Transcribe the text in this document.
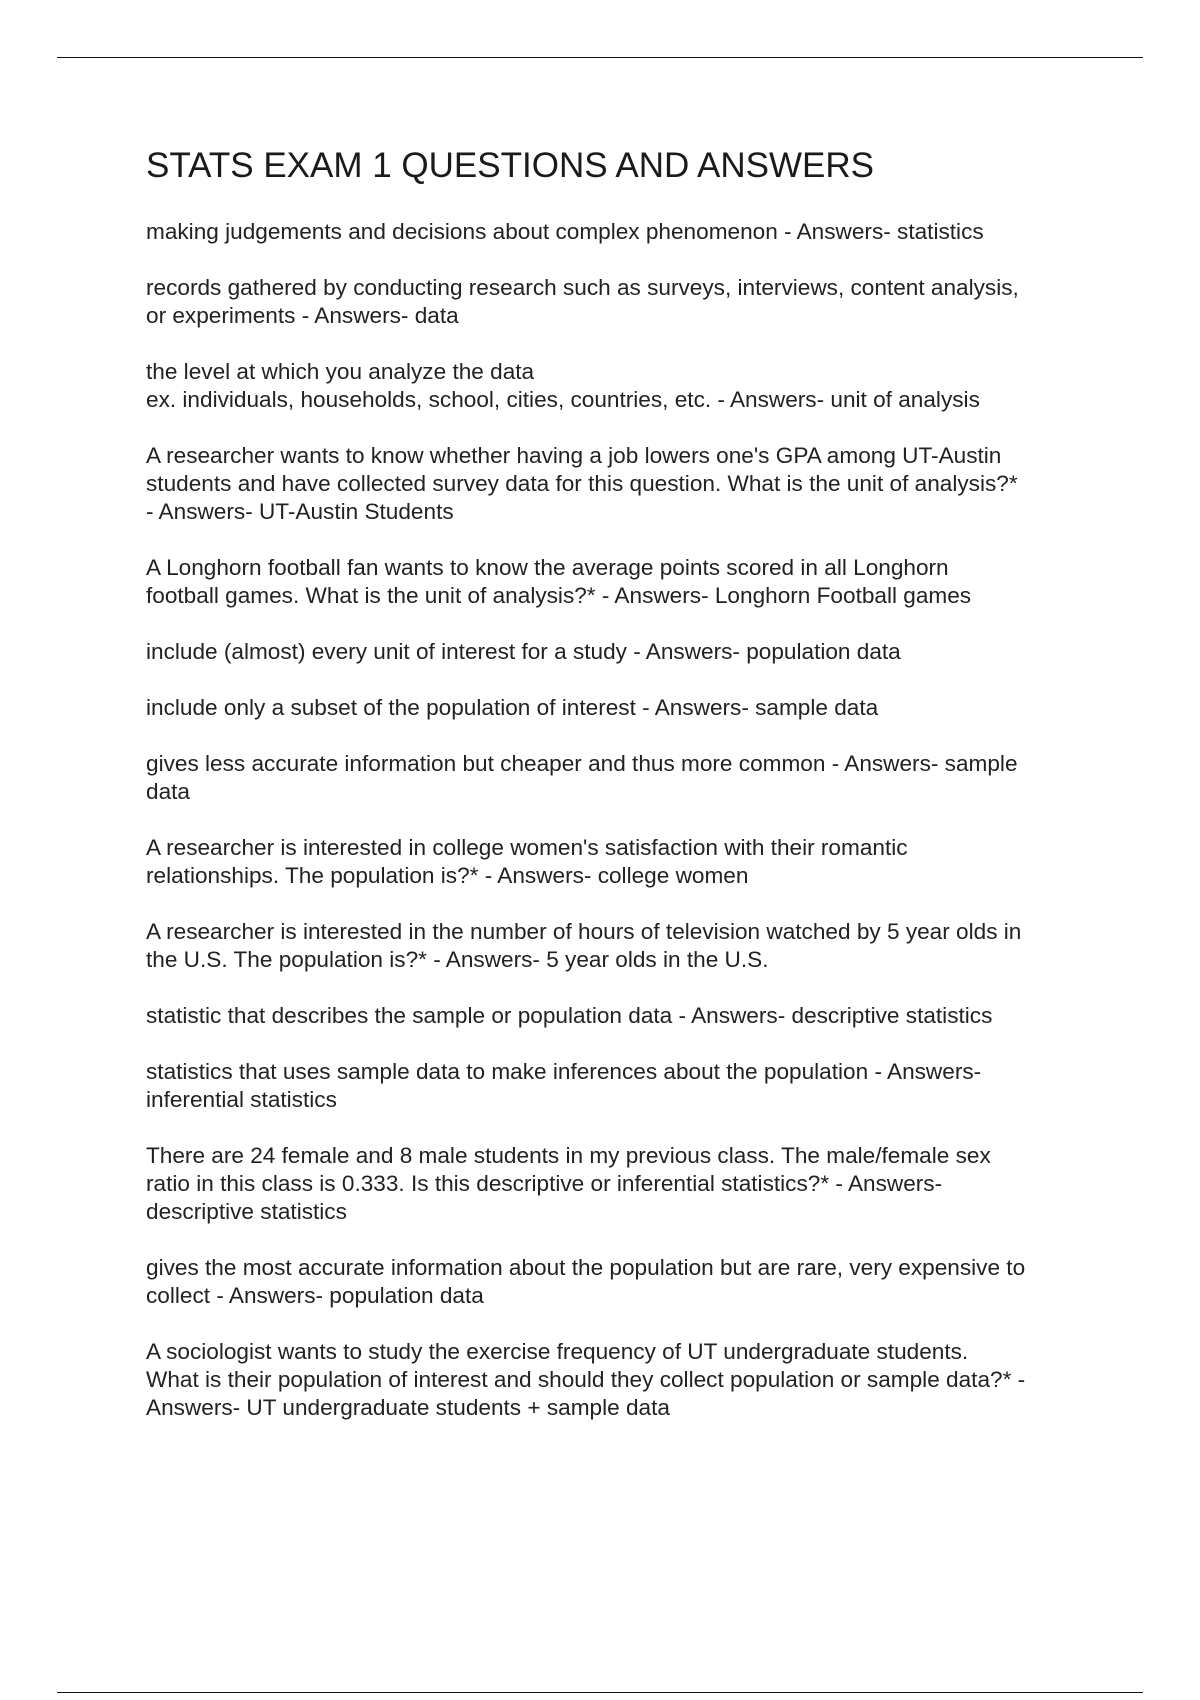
STATS EXAM 1 QUESTIONS AND ANSWERS

making judgements and decisions about complex phenomenon - Answers- statistics

records gathered by conducting research such as surveys, interviews, content analysis,
or experiments - Answers- data

the level at which you analyze the data
ex. individuals, households, school, cities, countries, etc. - Answers- unit of analysis

A researcher wants to know whether having a job lowers one's GPA among UT-Austin
students and have collected survey data for this question. What is the unit of analysis?*
- Answers- UT-Austin Students

A Longhorn football fan wants to know the average points scored in all Longhorn
football games. What is the unit of analysis?* - Answers- Longhorn Football games

include (almost) every unit of interest for a study - Answers- population data

include only a subset of the population of interest - Answers- sample data

gives less accurate information but cheaper and thus more common - Answers- sample
data

A researcher is interested in college women's satisfaction with their romantic
relationships. The population is?* - Answers- college women

A researcher is interested in the number of hours of television watched by 5 year olds in
the U.S. The population is?* - Answers- 5 year olds in the U.S.

statistic that describes the sample or population data - Answers- descriptive statistics

statistics that uses sample data to make inferences about the population - Answers-
inferential statistics

There are 24 female and 8 male students in my previous class. The male/female sex
ratio in this class is 0.333. Is this descriptive or inferential statistics?* - Answers-
descriptive statistics

gives the most accurate information about the population but are rare, very expensive to
collect - Answers- population data

A sociologist wants to study the exercise frequency of UT undergraduate students.
What is their population of interest and should they collect population or sample data?* -
Answers- UT undergraduate students + sample data
